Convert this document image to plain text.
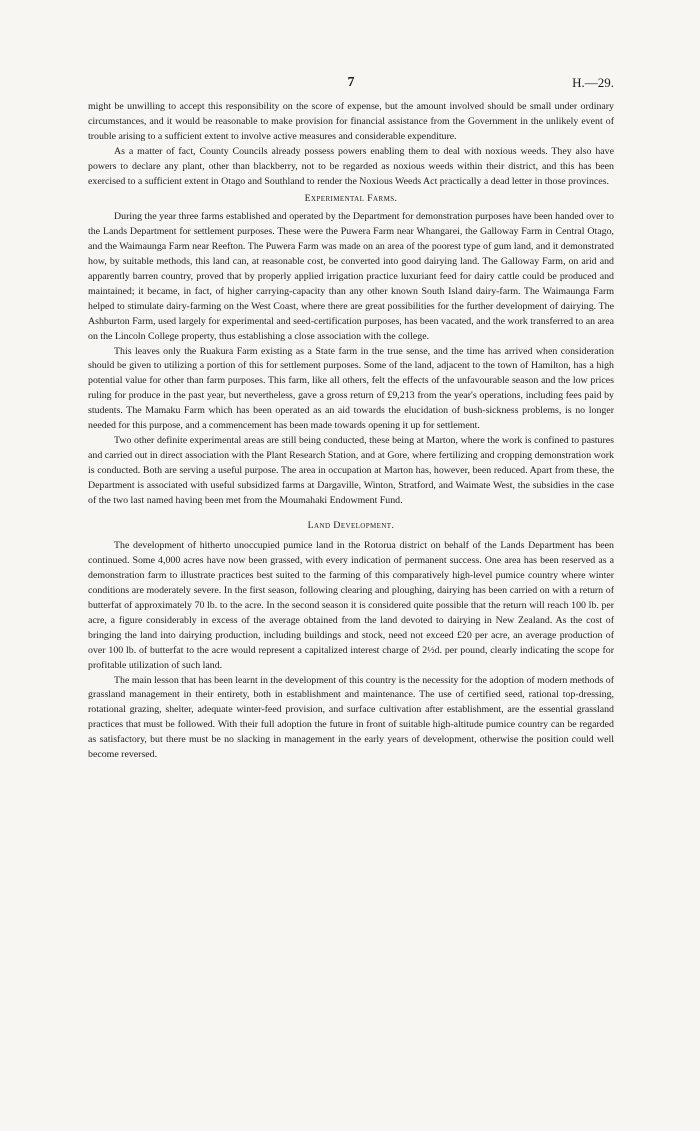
7	H.—29.

might be unwilling to accept this responsibility on the score of expense, but the amount involved should be small under ordinary circumstances, and it would be reasonable to make provision for financial assistance from the Government in the unlikely event of trouble arising to a sufficient extent to involve active measures and considerable expenditure.

As a matter of fact, County Councils already possess powers enabling them to deal with noxious weeds. They also have powers to declare any plant, other than blackberry, not to be regarded as noxious weeds within their district, and this has been exercised to a sufficient extent in Otago and Southland to render the Noxious Weeds Act practically a dead letter in those provinces.

Experimental Farms.

During the year three farms established and operated by the Department for demonstration purposes have been handed over to the Lands Department for settlement purposes. These were the Puwera Farm near Whangarei, the Galloway Farm in Central Otago, and the Waimaunga Farm near Reefton. The Puwera Farm was made on an area of the poorest type of gum land, and it demonstrated how, by suitable methods, this land can, at reasonable cost, be converted into good dairying land. The Galloway Farm, on arid and apparently barren country, proved that by properly applied irrigation practice luxuriant feed for dairy cattle could be produced and maintained; it became, in fact, of higher carrying-capacity than any other known South Island dairy-farm. The Waimaunga Farm helped to stimulate dairy-farming on the West Coast, where there are great possibilities for the further development of dairying. The Ashburton Farm, used largely for experimental and seed-certification purposes, has been vacated, and the work transferred to an area on the Lincoln College property, thus establishing a close association with the college.

This leaves only the Ruakura Farm existing as a State farm in the true sense, and the time has arrived when consideration should be given to utilizing a portion of this for settlement purposes. Some of the land, adjacent to the town of Hamilton, has a high potential value for other than farm purposes. This farm, like all others, felt the effects of the unfavourable season and the low prices ruling for produce in the past year, but nevertheless, gave a gross return of £9,213 from the year's operations, including fees paid by students. The Mamaku Farm which has been operated as an aid towards the elucidation of bush-sickness problems, is no longer needed for this purpose, and a commencement has been made towards opening it up for settlement.

Two other definite experimental areas are still being conducted, these being at Marton, where the work is confined to pastures and carried out in direct association with the Plant Research Station, and at Gore, where fertilizing and cropping demonstration work is conducted. Both are serving a useful purpose. The area in occupation at Marton has, however, been reduced. Apart from these, the Department is associated with useful subsidized farms at Dargaville, Winton, Stratford, and Waimate West, the subsidies in the case of the two last named having been met from the Moumahaki Endowment Fund.

Land Development.

The development of hitherto unoccupied pumice land in the Rotorua district on behalf of the Lands Department has been continued. Some 4,000 acres have now been grassed, with every indication of permanent success. One area has been reserved as a demonstration farm to illustrate practices best suited to the farming of this comparatively high-level pumice country where winter conditions are moderately severe. In the first season, following clearing and ploughing, dairying has been carried on with a return of butterfat of approximately 70 lb. to the acre. In the second season it is considered quite possible that the return will reach 100 lb. per acre, a figure considerably in excess of the average obtained from the land devoted to dairying in New Zealand. As the cost of bringing the land into dairying production, including buildings and stock, need not exceed £20 per acre, an average production of over 100 lb. of butterfat to the acre would represent a capitalized interest charge of 2½d. per pound, clearly indicating the scope for profitable utilization of such land.

The main lesson that has been learnt in the development of this country is the necessity for the adoption of modern methods of grassland management in their entirety, both in establishment and maintenance. The use of certified seed, rational top-dressing, rotational grazing, shelter, adequate winter-feed provision, and surface cultivation after establishment, are the essential grassland practices that must be followed. With their full adoption the future in front of suitable high-altitude pumice country can be regarded as satisfactory, but there must be no slacking in management in the early years of development, otherwise the position could well become reversed.
